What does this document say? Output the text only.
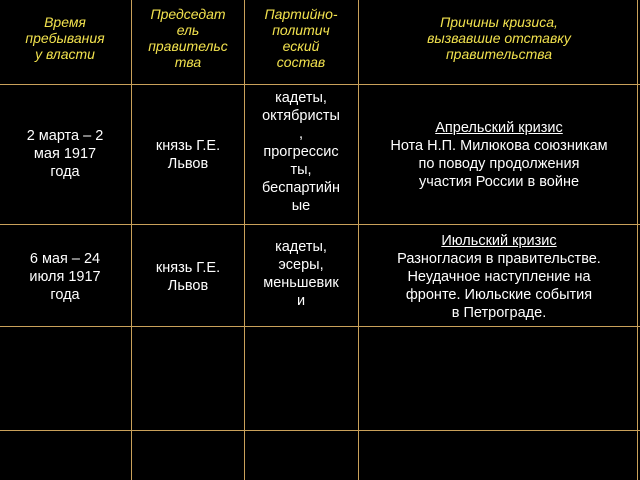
Время
пребывания
у власти
Председат
ель
правительс
тва
Партийно-
политич
еский
состав
Причины кризиса,
вызвавшие отставку
правительства
2 марта – 2
мая 1917
года
князь Г.Е.
Львов
кадеты,
октябристы
,
прогрессис
ты,
беспартийн
ые
Апрельский кризис
Нота Н.П. Милюкова союзникам
по поводу продолжения
участия России в войне
6 мая – 24
июля 1917
года
князь Г.Е.
Львов
кадеты,
эсеры,
меньшевик
и
Июльский кризис
Разногласия в правительстве.
Неудачное наступление на
фронте. Июльские события
в Петрограде.
